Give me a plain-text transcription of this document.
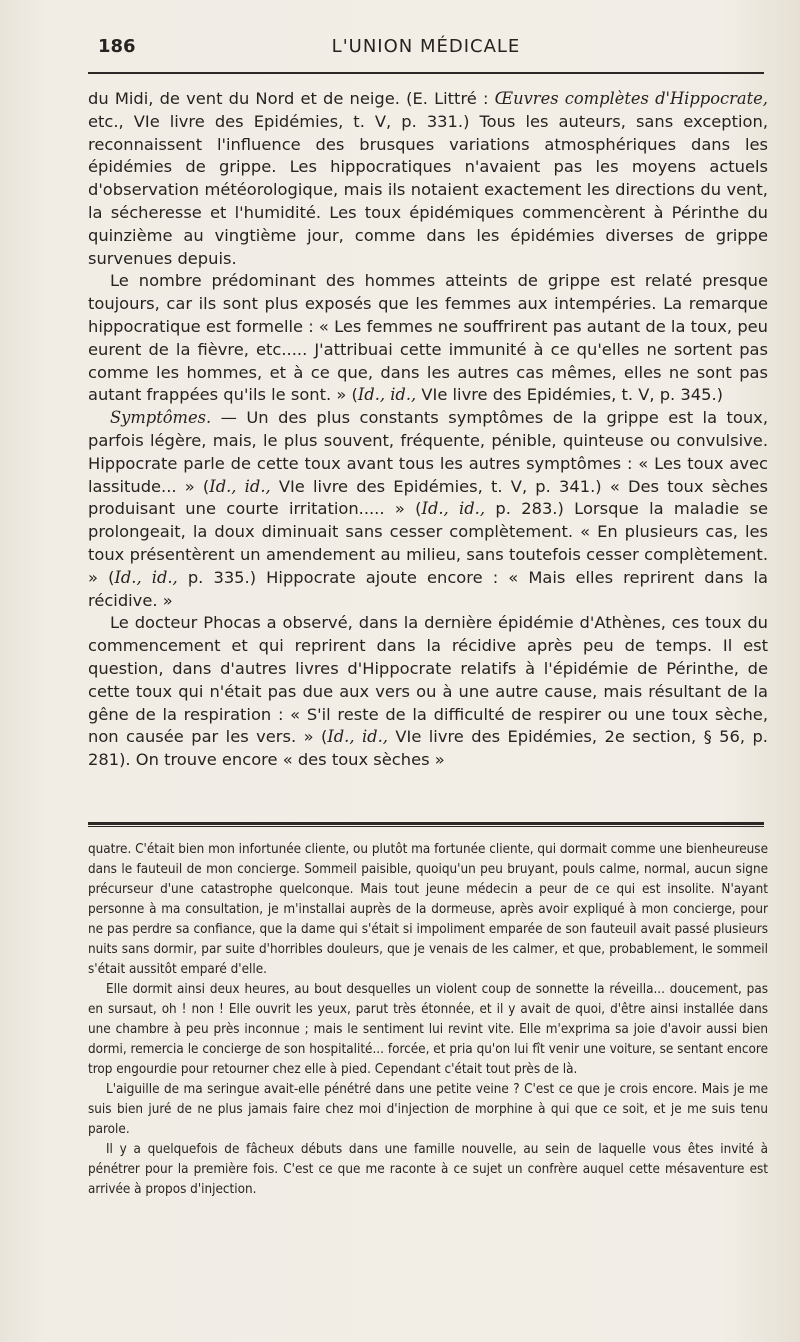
186	L'UNION MÉDICALE

du Midi, de vent du Nord et de neige. (E. Littré : Œuvres complètes d'Hippocrate, etc., VIe livre des Epidémies, t. V, p. 331.) Tous les auteurs, sans exception, reconnaissent l'influence des brusques variations atmosphériques dans les épidémies de grippe. Les hippocratiques n'avaient pas les moyens actuels d'observation météorologique, mais ils notaient exactement les directions du vent, la sécheresse et l'humidité. Les toux épidémiques commencèrent à Périnthe du quinzième au vingtième jour, comme dans les épidémies diverses de grippe survenues depuis.

Le nombre prédominant des hommes atteints de grippe est relaté presque toujours, car ils sont plus exposés que les femmes aux intempéries. La remarque hippocratique est formelle : « Les femmes ne souffrirent pas autant de la toux, peu eurent de la fièvre, etc..... J'attribuai cette immunité à ce qu'elles ne sortent pas comme les hommes, et à ce que, dans les autres cas mêmes, elles ne sont pas autant frappées qu'ils le sont. » (Id., id., VIe livre des Epidémies, t. V, p. 345.)

Symptômes. — Un des plus constants symptômes de la grippe est la toux, parfois légère, mais, le plus souvent, fréquente, pénible, quinteuse ou convulsive. Hippocrate parle de cette toux avant tous les autres symptômes : « Les toux avec lassitude... » (Id., id., VIe livre des Epidémies, t. V, p. 341.) « Des toux sèches produisant une courte irritation..... » (Id., id., p. 283.) Lorsque la maladie se prolongeait, la doux diminuait sans cesser complètement. « En plusieurs cas, les toux présentèrent un amendement au milieu, sans toutefois cesser complètement. » (Id., id., p. 335.) Hippocrate ajoute encore : « Mais elles reprirent dans la récidive. »

Le docteur Phocas a observé, dans la dernière épidémie d'Athènes, ces toux du commencement et qui reprirent dans la récidive après peu de temps. Il est question, dans d'autres livres d'Hippocrate relatifs à l'épidémie de Périnthe, de cette toux qui n'était pas due aux vers ou à une autre cause, mais résultant de la gêne de la respiration : « S'il reste de la difficulté de respirer ou une toux sèche, non causée par les vers. » (Id., id., VIe livre des Epidémies, 2e section, § 56, p. 281). On trouve encore « des toux sèches »

quatre. C'était bien mon infortunée cliente, ou plutôt ma fortunée cliente, qui dormait comme une bienheureuse dans le fauteuil de mon concierge. Sommeil paisible, quoiqu'un peu bruyant, pouls calme, normal, aucun signe précurseur d'une catastrophe quelconque. Mais tout jeune médecin a peur de ce qui est insolite. N'ayant personne à ma consultation, je m'installai auprès de la dormeuse, après avoir expliqué à mon concierge, pour ne pas perdre sa confiance, que la dame qui s'était si impoliment emparée de son fauteuil avait passé plusieurs nuits sans dormir, par suite d'horribles douleurs, que je venais de les calmer, et que, probablement, le sommeil s'était aussitôt emparé d'elle.

Elle dormit ainsi deux heures, au bout desquelles un violent coup de sonnette la réveilla... doucement, pas en sursaut, oh ! non ! Elle ouvrit les yeux, parut très étonnée, et il y avait de quoi, d'être ainsi installée dans une chambre à peu près inconnue ; mais le sentiment lui revint vite. Elle m'exprima sa joie d'avoir aussi bien dormi, remercia le concierge de son hospitalité... forcée, et pria qu'on lui fît venir une voiture, se sentant encore trop engourdie pour retourner chez elle à pied. Cependant c'était tout près de là.

L'aiguille de ma seringue avait-elle pénétré dans une petite veine ? C'est ce que je crois encore. Mais je me suis bien juré de ne plus jamais faire chez moi d'injection de morphine à qui que ce soit, et je me suis tenu parole.

Il y a quelquefois de fâcheux débuts dans une famille nouvelle, au sein de laquelle vous êtes invité à pénétrer pour la première fois. C'est ce que me raconte à ce sujet un confrère auquel cette mésaventure est arrivée à propos d'injection.
